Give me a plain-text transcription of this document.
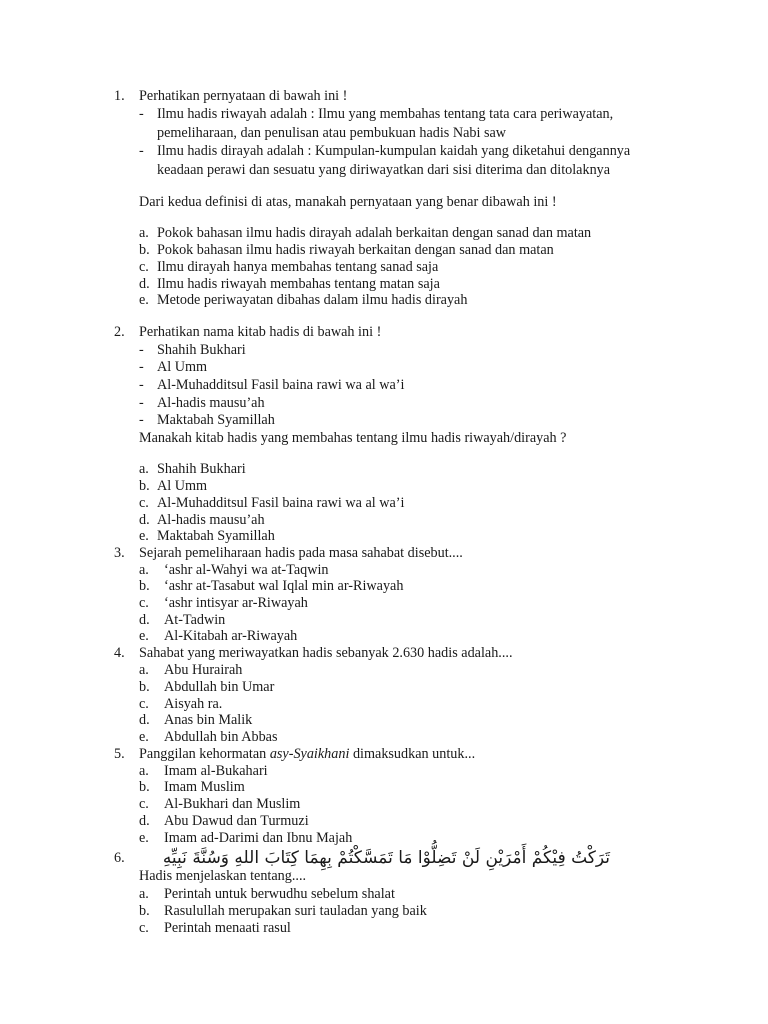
1. Perhatikan pernyataan di bawah ini !
- Ilmu hadis riwayah adalah : Ilmu yang membahas tentang tata cara periwayatan,
pemeliharaan, dan penulisan atau pembukuan hadis Nabi saw
- Ilmu hadis dirayah adalah : Kumpulan-kumpulan kaidah yang diketahui dengannya
keadaan perawi dan sesuatu yang diriwayatkan dari sisi diterima dan ditolaknya
Dari kedua definisi di atas, manakah pernyataan yang benar dibawah ini !
a. Pokok bahasan ilmu hadis dirayah adalah berkaitan dengan sanad dan matan
b. Pokok bahasan ilmu hadis riwayah berkaitan dengan sanad dan matan
c. Ilmu dirayah hanya membahas tentang sanad saja
d. Ilmu hadis riwayah membahas tentang matan saja
e. Metode periwayatan dibahas dalam ilmu hadis dirayah
2. Perhatikan nama kitab hadis di bawah ini !
- Shahih Bukhari
- Al Umm
- Al-Muhadditsul Fasil baina rawi wa al wa’i
- Al-hadis mausu’ah
- Maktabah Syamillah
Manakah kitab hadis yang membahas tentang ilmu hadis riwayah/dirayah ?
a. Shahih Bukhari
b. Al Umm
c. Al-Muhadditsul Fasil baina rawi wa al wa’i
d. Al-hadis mausu’ah
e. Maktabah Syamillah
3. Sejarah pemeliharaan hadis pada masa sahabat disebut....
a. ‘ashr al-Wahyi wa at-Taqwin
b. ‘ashr at-Tasabut wal Iqlal min ar-Riwayah
c. ‘ashr intisyar ar-Riwayah
d. At-Tadwin
e. Al-Kitabah ar-Riwayah
4. Sahabat yang meriwayatkan hadis sebanyak 2.630 hadis adalah....
a. Abu Hurairah
b. Abdullah bin Umar
c. Aisyah ra.
d. Anas bin Malik
e. Abdullah bin Abbas
5. Panggilan kehormatan asy-Syaikhani dimaksudkan untuk...
a. Imam al-Bukahari
b. Imam Muslim
c. Al-Bukhari dan Muslim
d. Abu Dawud dan Turmuzi
e. Imam ad-Darimi dan Ibnu Majah
6.	تَرَكْتُ فِيْكُمْ أَمْرَيْنِ لَنْ تَضِلُّوْا مَا تَمَسَّكْتُمْ بِهِمَا كِتَابَ اللهِ وَسُنَّةَ نَبِيِّهِ
Hadis menjelaskan tentang....
a. Perintah untuk berwudhu sebelum shalat
b. Rasulullah merupakan suri tauladan yang baik
c. Perintah menaati rasul
